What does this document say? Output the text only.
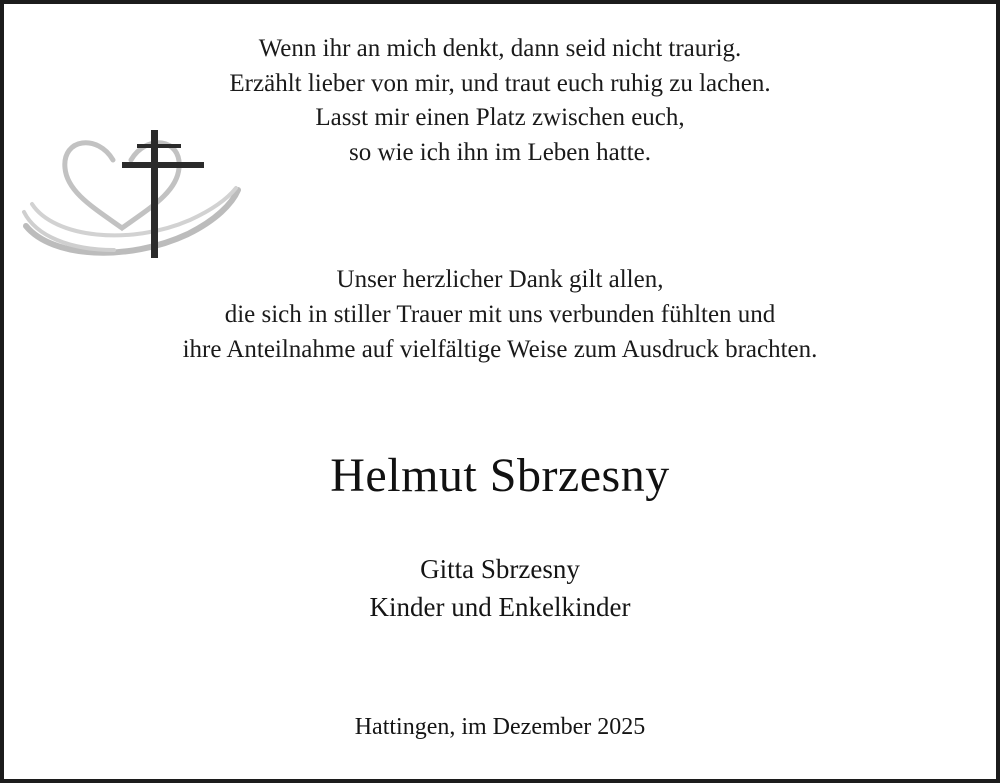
Wenn ihr an mich denkt, dann seid nicht traurig.
Erzählt lieber von mir, und traut euch ruhig zu lachen.
Lasst mir einen Platz zwischen euch,
so wie ich ihn im Leben hatte.
Unser herzlicher Dank gilt allen,
die sich in stiller Trauer mit uns verbunden fühlten und
ihre Anteilnahme auf vielfältige Weise zum Ausdruck brachten.
Helmut Sbrzesny
Gitta Sbrzesny
Kinder und Enkelkinder
Hattingen, im Dezember 2025
